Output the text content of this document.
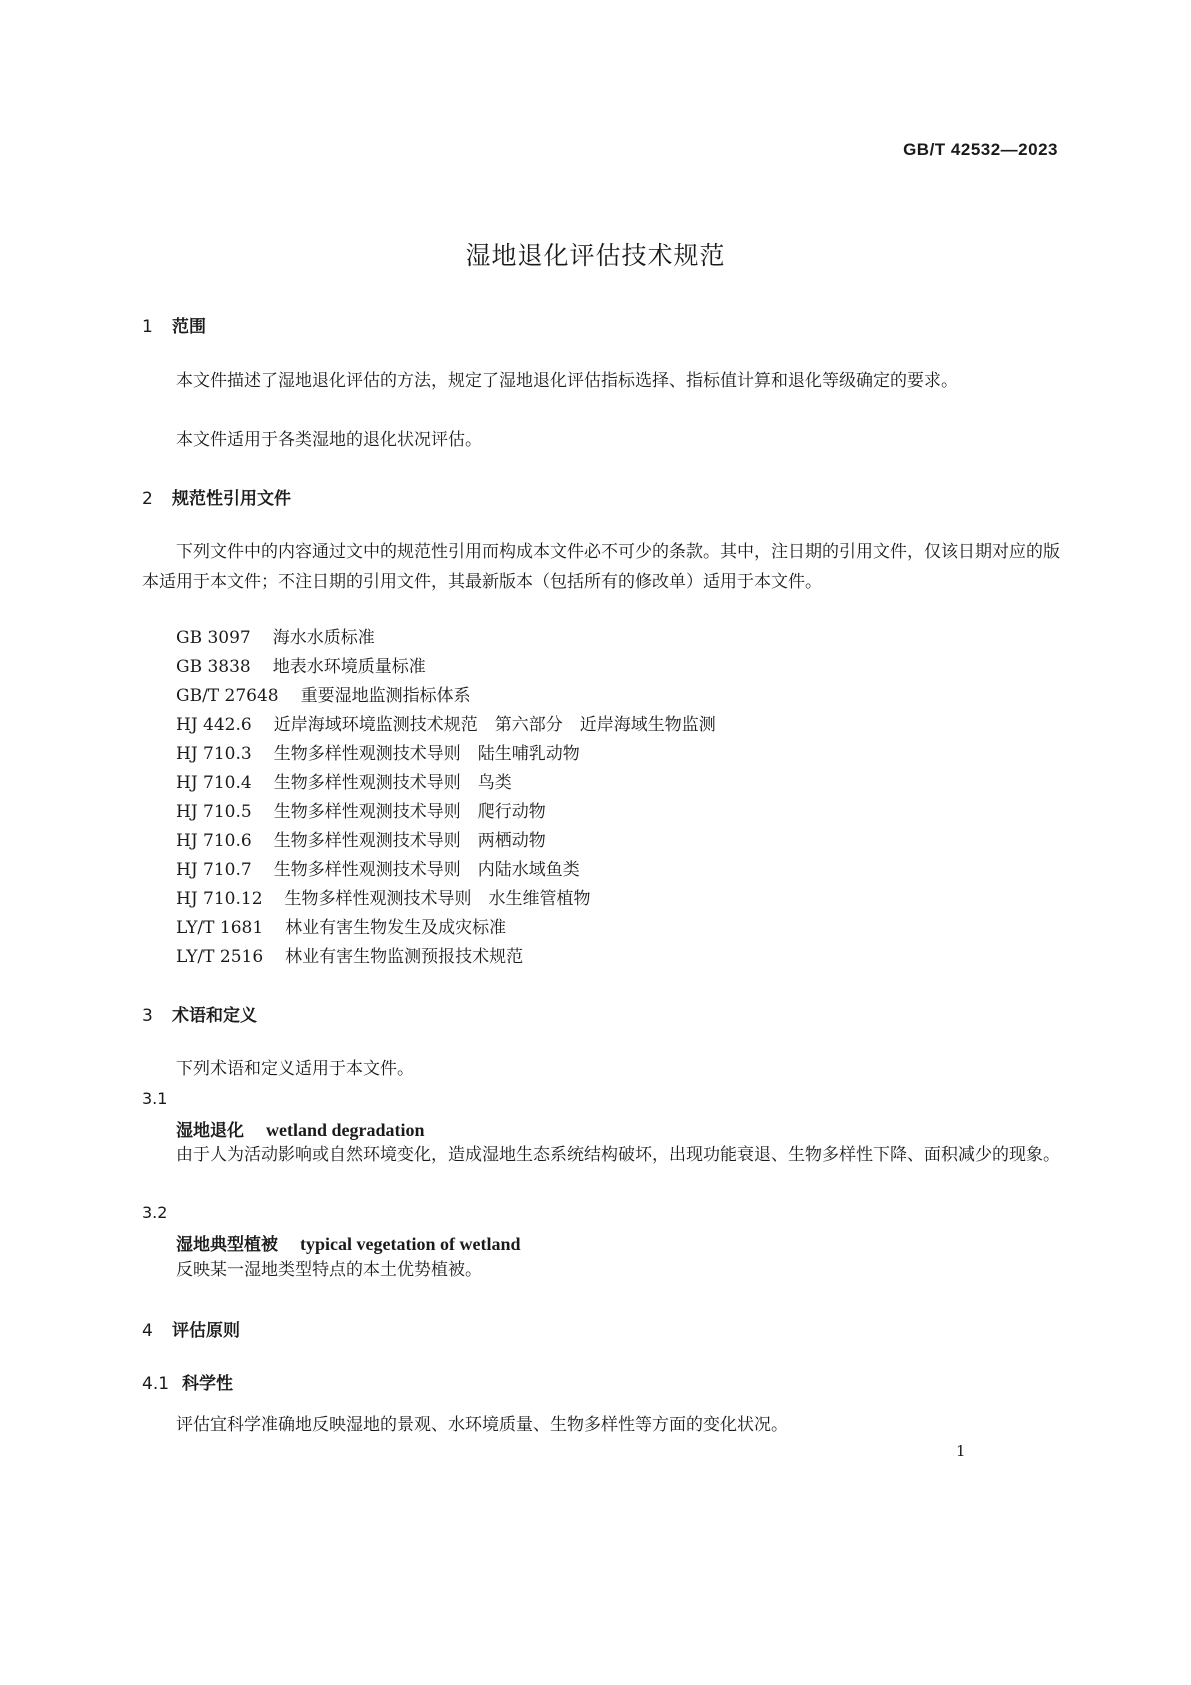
GB/T 42532—2023
湿地退化评估技术规范
1 范围
本文件描述了湿地退化评估的方法，规定了湿地退化评估指标选择、指标值计算和退化等级确定的要求。
本文件适用于各类湿地的退化状况评估。
2 规范性引用文件
下列文件中的内容通过文中的规范性引用而构成本文件必不可少的条款。其中，注日期的引用文件，仅该日期对应的版本适用于本文件；不注日期的引用文件，其最新版本（包括所有的修改单）适用于本文件。
GB 3097 海水水质标准
GB 3838 地表水环境质量标准
GB/T 27648 重要湿地监测指标体系
HJ 442.6 近岸海域环境监测技术规范　第六部分　近岸海域生物监测
HJ 710.3 生物多样性观测技术导则　陆生哺乳动物
HJ 710.4 生物多样性观测技术导则　鸟类
HJ 710.5 生物多样性观测技术导则　爬行动物
HJ 710.6 生物多样性观测技术导则　两栖动物
HJ 710.7 生物多样性观测技术导则　内陆水域鱼类
HJ 710.12 生物多样性观测技术导则　水生维管植物
LY/T 1681 林业有害生物发生及成灾标准
LY/T 2516 林业有害生物监测预报技术规范
3 术语和定义
下列术语和定义适用于本文件。
3.1
湿地退化 wetland degradation
由于人为活动影响或自然环境变化，造成湿地生态系统结构破坏，出现功能衰退、生物多样性下降、面积减少的现象。
3.2
湿地典型植被 typical vegetation of wetland
反映某一湿地类型特点的本土优势植被。
4 评估原则
4.1 科学性
评估宜科学准确地反映湿地的景观、水环境质量、生物多样性等方面的变化状况。
1
